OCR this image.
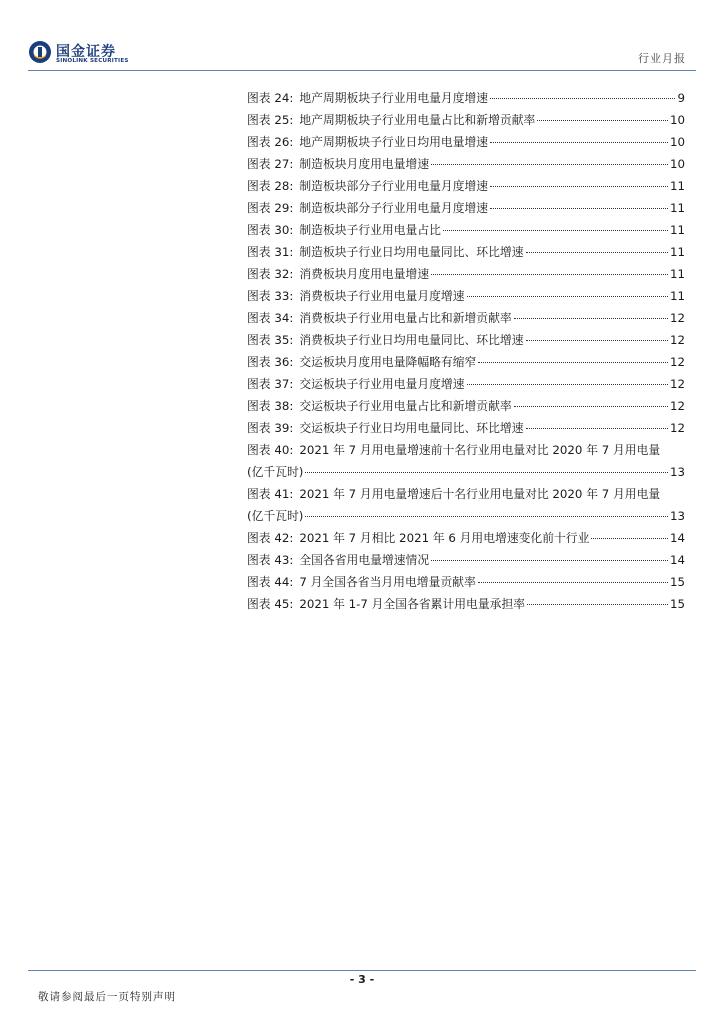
国金证券
SINOLINK SECURITIES	行业月报
图表 24: 地产周期板块子行业用电量月度增速	9
图表 25: 地产周期板块子行业用电量占比和新增贡献率	10
图表 26: 地产周期板块子行业日均用电量增速	10
图表 27: 制造板块月度用电量增速	10
图表 28: 制造板块部分子行业用电量月度增速	11
图表 29: 制造板块部分子行业用电量月度增速	11
图表 30: 制造板块子行业用电量占比	11
图表 31: 制造板块子行业日均用电量同比、环比增速	11
图表 32: 消费板块月度用电量增速	11
图表 33: 消费板块子行业用电量月度增速	11
图表 34: 消费板块子行业用电量占比和新增贡献率	12
图表 35: 消费板块子行业日均用电量同比、环比增速	12
图表 36: 交运板块月度用电量降幅略有缩窄	12
图表 37: 交运板块子行业用电量月度增速	12
图表 38: 交运板块子行业用电量占比和新增贡献率	12
图表 39: 交运板块子行业日均用电量同比、环比增速	12
图表 40: 2021 年 7 月用电量增速前十名行业用电量对比 2020 年 7 月用电量
(亿千瓦时)	13
图表 41: 2021 年 7 月用电量增速后十名行业用电量对比 2020 年 7 月用电量
(亿千瓦时)	13
图表 42: 2021 年 7 月相比 2021 年 6 月用电增速变化前十行业	14
图表 43: 全国各省用电量增速情况	14
图表 44: 7 月全国各省当月用电增量贡献率	15
图表 45: 2021 年 1-7 月全国各省累计用电量承担率	15
- 3 -
敬请参阅最后一页特别声明
